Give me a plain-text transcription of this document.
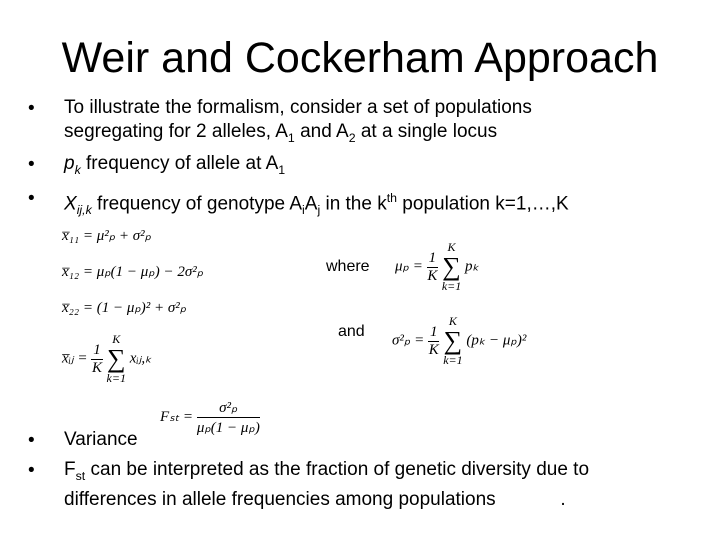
Weir and Cockerham Approach
• To illustrate the formalism, consider a set of populations
segregating for 2 alleles, $A_1$ and $A_2$ at a single locus
• $p_k$ frequency of allele at $A_1$
• $X_{ij,k}$ frequency of genotype $A_iA_j$ in the $k^{th}$ population k=1,…,K
x̅₁₁ = μ²ₚ + σ²ₚ
x̅₁₂ = μₚ(1 − μₚ) − 2σ²ₚ
x̅₂₂ = (1 − μₚ)² + σ²ₚ
x̅ᵢⱼ = $\frac{1}{K}$

K
∑
k=1
xᵢⱼ,ₖ
where
and
$\mu_p = \frac{1}{K}$

K
∑
k=1
pₖ
$\sigma^2_p = \frac{1}{K}$

K
∑
k=1
(pₖ − μₚ)²
• Variance
$F_{st} = \frac{\text{σ²ₚ}}{\text{μₚ(1 − μₚ)}}$
• $F_{st}$ can be interpreted as the fraction of genetic diversity due to
differences in allele frequencies among populations	.
